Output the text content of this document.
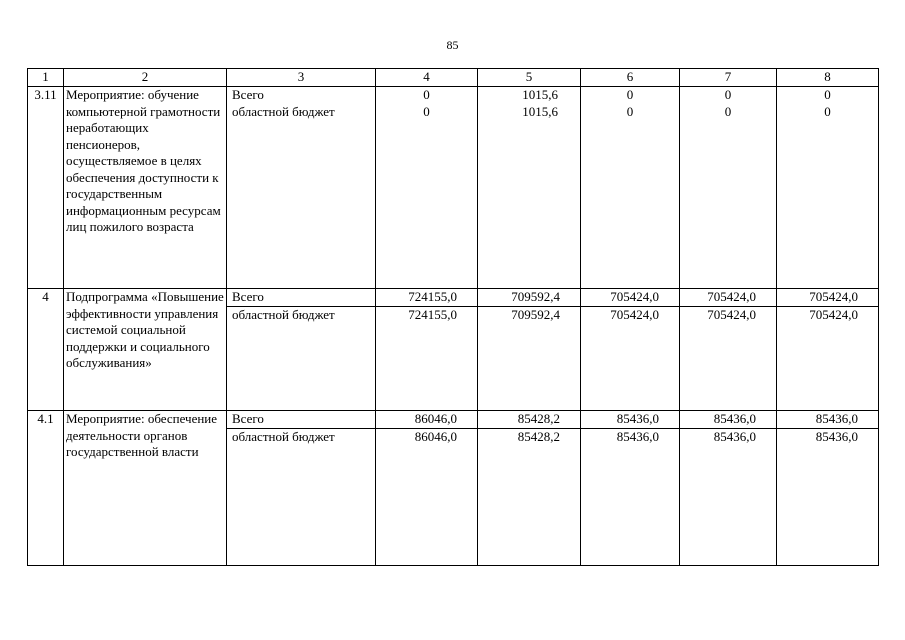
85
1	2	3	4	5	6	7	8
3.11	Мероприятие: обучение компьютерной грамотности неработающих пенсионеров, осуществляемое в целях обеспечения доступности к государственным информационным ресурсам лиц пожилого возраста	Всего	0	1015,6	0	0	0
		областной бюджет	0	1015,6	0	0	0
4	Подпрограмма «Повышение эффективности управления системой социальной поддержки и социального обслуживания»	Всего	724155,0	709592,4	705424,0	705424,0	705424,0
		областной бюджет	724155,0	709592,4	705424,0	705424,0	705424,0
4.1	Мероприятие: обеспечение деятельности органов государственной власти	Всего	86046,0	85428,2	85436,0	85436,0	85436,0
		областной бюджет	86046,0	85428,2	85436,0	85436,0	85436,0
